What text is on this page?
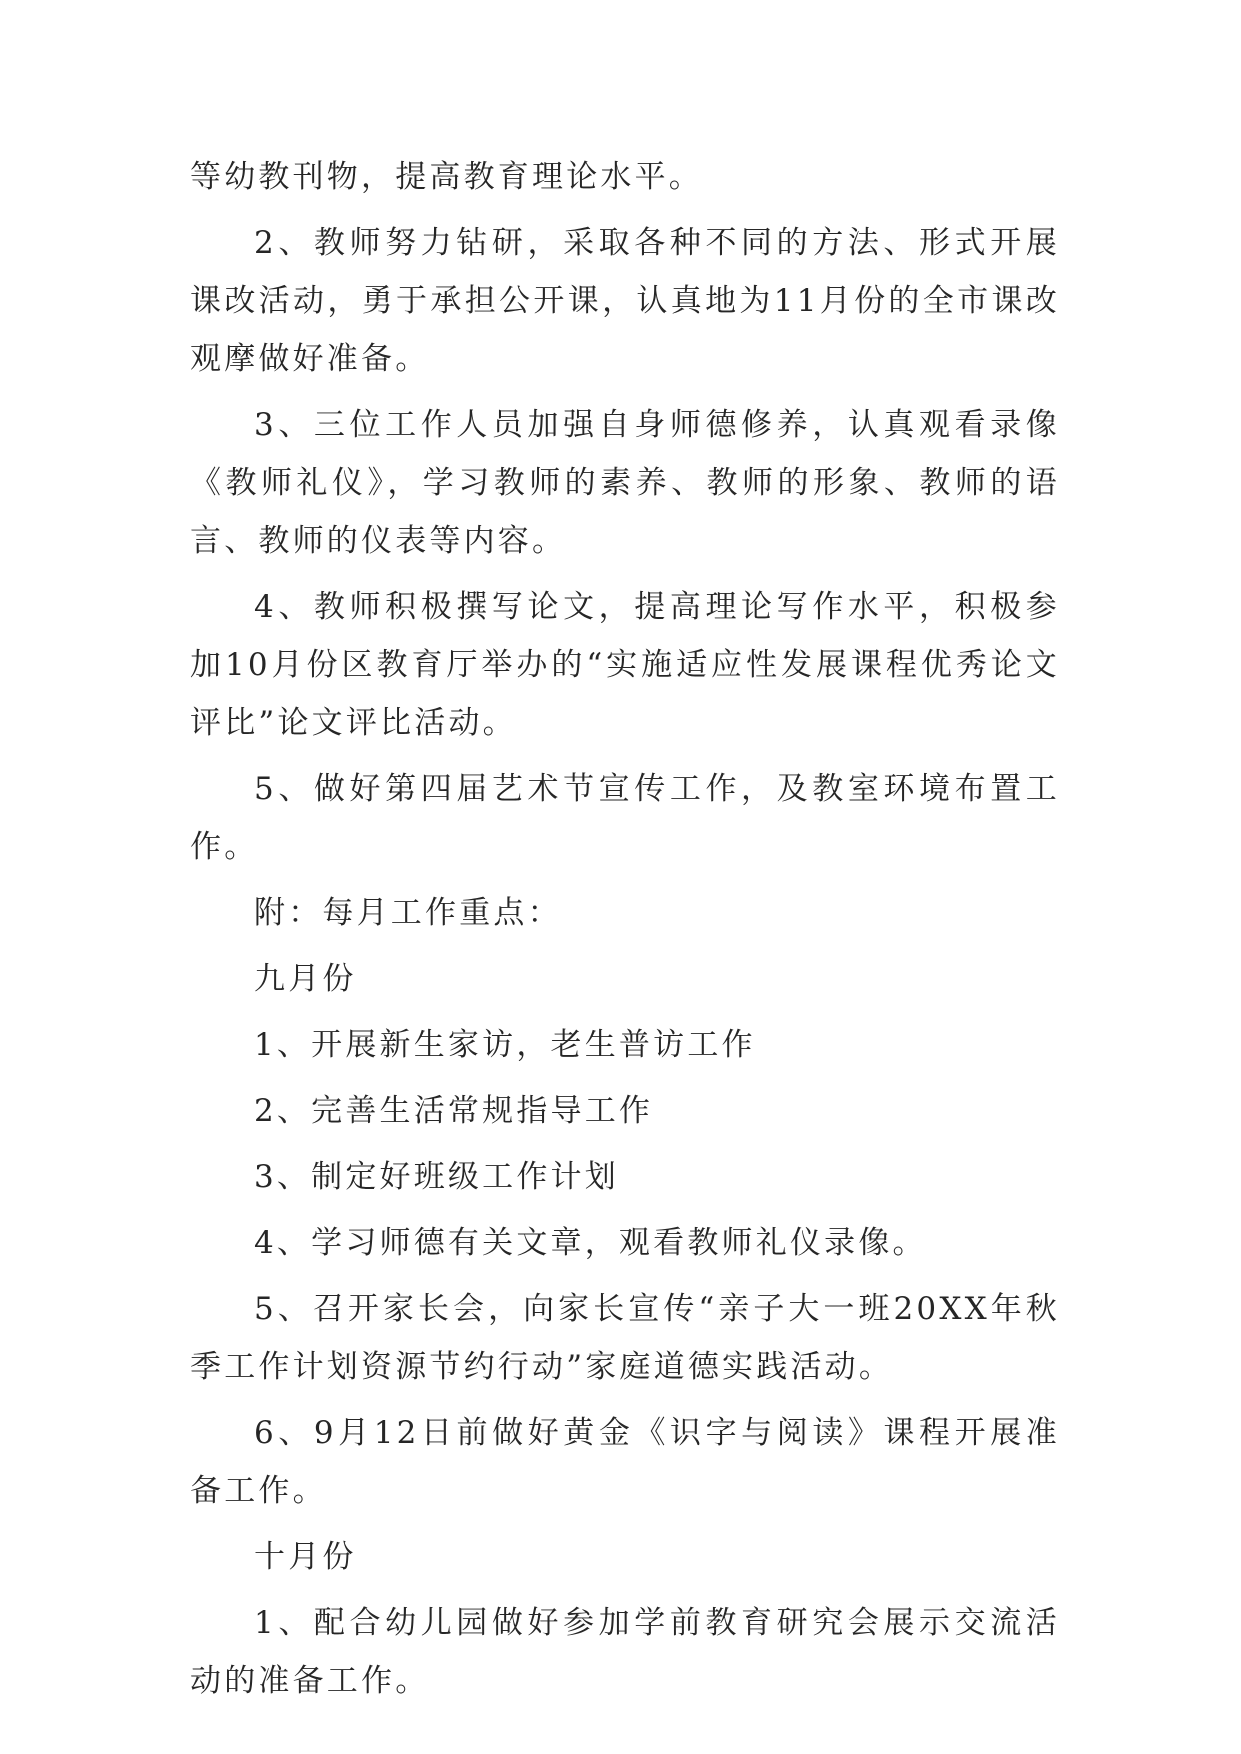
等幼教刊物，提高教育理论水平。

2、教师努力钻研，采取各种不同的方法、形式开展课改活动，勇于承担公开课，认真地为11月份的全市课改观摩做好准备。

3、三位工作人员加强自身师德修养，认真观看录像《教师礼仪》，学习教师的素养、教师的形象、教师的语言、教师的仪表等内容。

4、教师积极撰写论文，提高理论写作水平，积极参加10月份区教育厅举办的“实施适应性发展课程优秀论文评比”论文评比活动。

5、做好第四届艺术节宣传工作，及教室环境布置工作。

附：每月工作重点：

九月份

1、开展新生家访，老生普访工作

2、完善生活常规指导工作

3、制定好班级工作计划

4、学习师德有关文章，观看教师礼仪录像。

5、召开家长会，向家长宣传“亲子大一班20XX年秋季工作计划资源节约行动”家庭道德实践活动。

6、9月12日前做好黄金《识字与阅读》课程开展准备工作。

十月份

1、配合幼儿园做好参加学前教育研究会展示交流活动的准备工作。
